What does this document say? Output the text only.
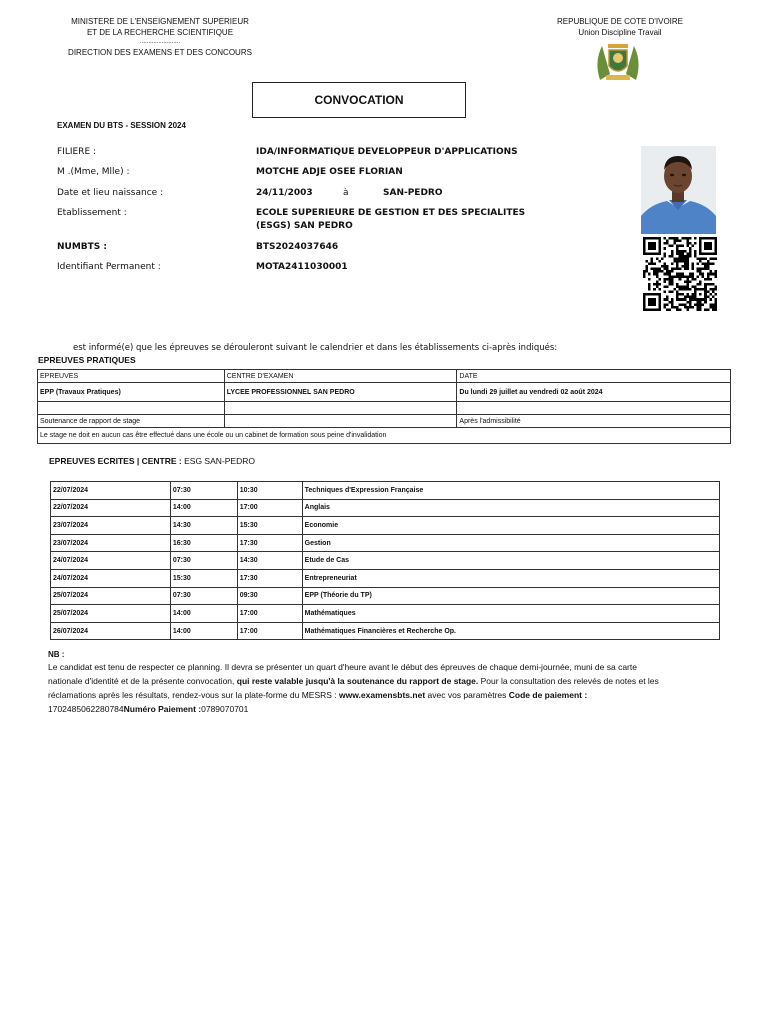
MINISTERE DE L'ENSEIGNEMENT SUPERIEUR
ET DE LA RECHERCHE SCIENTIFIQUE
........................
DIRECTION DES EXAMENS ET DES CONCOURS
REPUBLIQUE DE COTE D'IVOIRE
Union Discipline Travail
CONVOCATION
EXAMEN DU BTS - SESSION 2024
FILIERE :	IDA/INFORMATIQUE DEVELOPPEUR D'APPLICATIONS
M .(Mme, Mlle) :	MOTCHE ADJE OSEE FLORIAN
Date et lieu naissance :	24/11/2003	à	SAN-PEDRO
Etablissement :	ECOLE SUPERIEURE DE GESTION ET DES SPECIALITES
(ESGS) SAN PEDRO
NUMBTS :	BTS2024037646
Identifiant Permanent :	MOTA2411030001
est informé(e) que les épreuves se dérouleront suivant le calendrier et dans les établissements ci-après indiqués:
EPREUVES PRATIQUES
EPREUVES	CENTRE D'EXAMEN	DATE
EPP (Travaux Pratiques)	LYCEE PROFESSIONNEL SAN PEDRO	Du lundi 29 juillet au vendredi 02 août 2024

Soutenance de rapport de stage		Après l'admissibilité
Le stage ne doit en aucun cas être effectué dans une école ou un cabinet de formation sous peine d'invalidation		
EPREUVES ECRITES | CENTRE : ESG SAN-PEDRO
22/07/2024	07:30	10:30	Techniques d'Expression Française
22/07/2024	14:00	17:00	Anglais
23/07/2024	14:30	15:30	Economie
23/07/2024	16:30	17:30	Gestion
24/07/2024	07:30	14:30	Etude de Cas
24/07/2024	15:30	17:30	Entrepreneuriat
25/07/2024	07:30	09:30	EPP (Théorie du TP)
25/07/2024	14:00	17:00	Mathématiques
26/07/2024	14:00	17:00	Mathématiques Financières et Recherche Op.
NB :
Le candidat est tenu de respecter ce planning. Il devra se présenter un quart d'heure avant le début des épreuves de chaque demi-journée, muni de sa carte nationale d'identité et de la présente convocation, qui reste valable jusqu'à la soutenance du rapport de stage. Pour la consultation des relevés de notes et les réclamations après les résultats, rendez-vous sur la plate-forme du MESRS : www.examensbts.net avec vos paramètres Code de paiement : 1702485062280784Numéro Paiement :0789070701
